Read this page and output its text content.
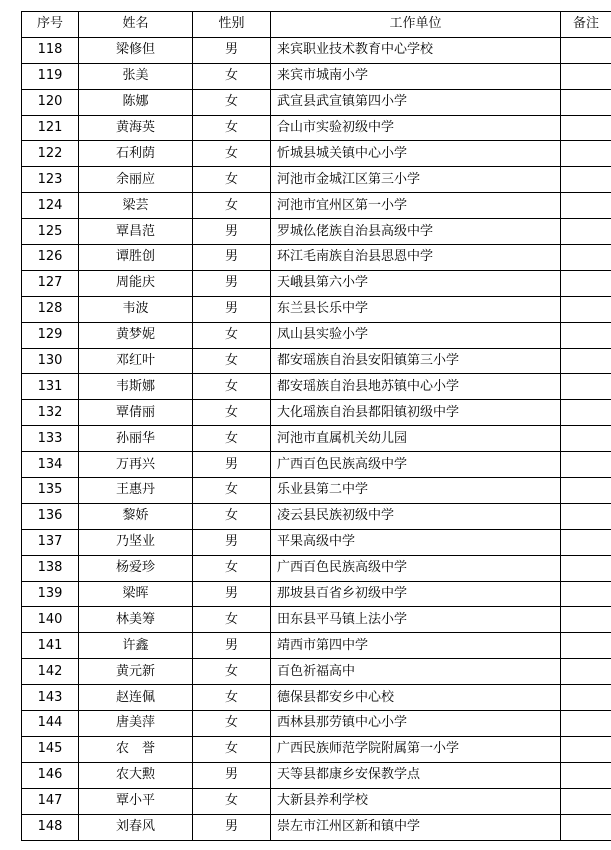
序号	姓名	性别	工作单位	备注
118	梁修但	男	来宾职业技术教育中心学校	
119	张美	女	来宾市城南小学	
120	陈娜	女	武宣县武宣镇第四小学	
121	黄海英	女	合山市实验初级中学	
122	石利荫	女	忻城县城关镇中心小学	
123	余丽应	女	河池市金城江区第三小学	
124	梁芸	女	河池市宜州区第一小学	
125	覃昌范	男	罗城仫佬族自治县高级中学	
126	谭胜创	男	环江毛南族自治县思恩中学	
127	周能庆	男	天峨县第六小学	
128	韦波	男	东兰县长乐中学	
129	黄梦妮	女	凤山县实验小学	
130	邓红叶	女	都安瑶族自治县安阳镇第三小学	
131	韦斯娜	女	都安瑶族自治县地苏镇中心小学	
132	覃倩丽	女	大化瑶族自治县都阳镇初级中学	
133	孙丽华	女	河池市直属机关幼儿园	
134	万再兴	男	广西百色民族高级中学	
135	王惠丹	女	乐业县第二中学	
136	黎娇	女	凌云县民族初级中学	
137	乃坚业	男	平果高级中学	
138	杨爱珍	女	广西百色民族高级中学	
139	梁晖	男	那坡县百省乡初级中学	
140	林美筹	女	田东县平马镇上法小学	
141	许鑫	男	靖西市第四中学	
142	黄元新	女	百色祈福高中	
143	赵连佩	女	德保县都安乡中心校	
144	唐美萍	女	西林县那劳镇中心小学	
145	农　誉	女	广西民族师范学院附属第一小学	
146	农大勲	男	天等县都康乡安保教学点	
147	覃小平	女	大新县养利学校	
148	刘春风	男	崇左市江州区新和镇中学	
